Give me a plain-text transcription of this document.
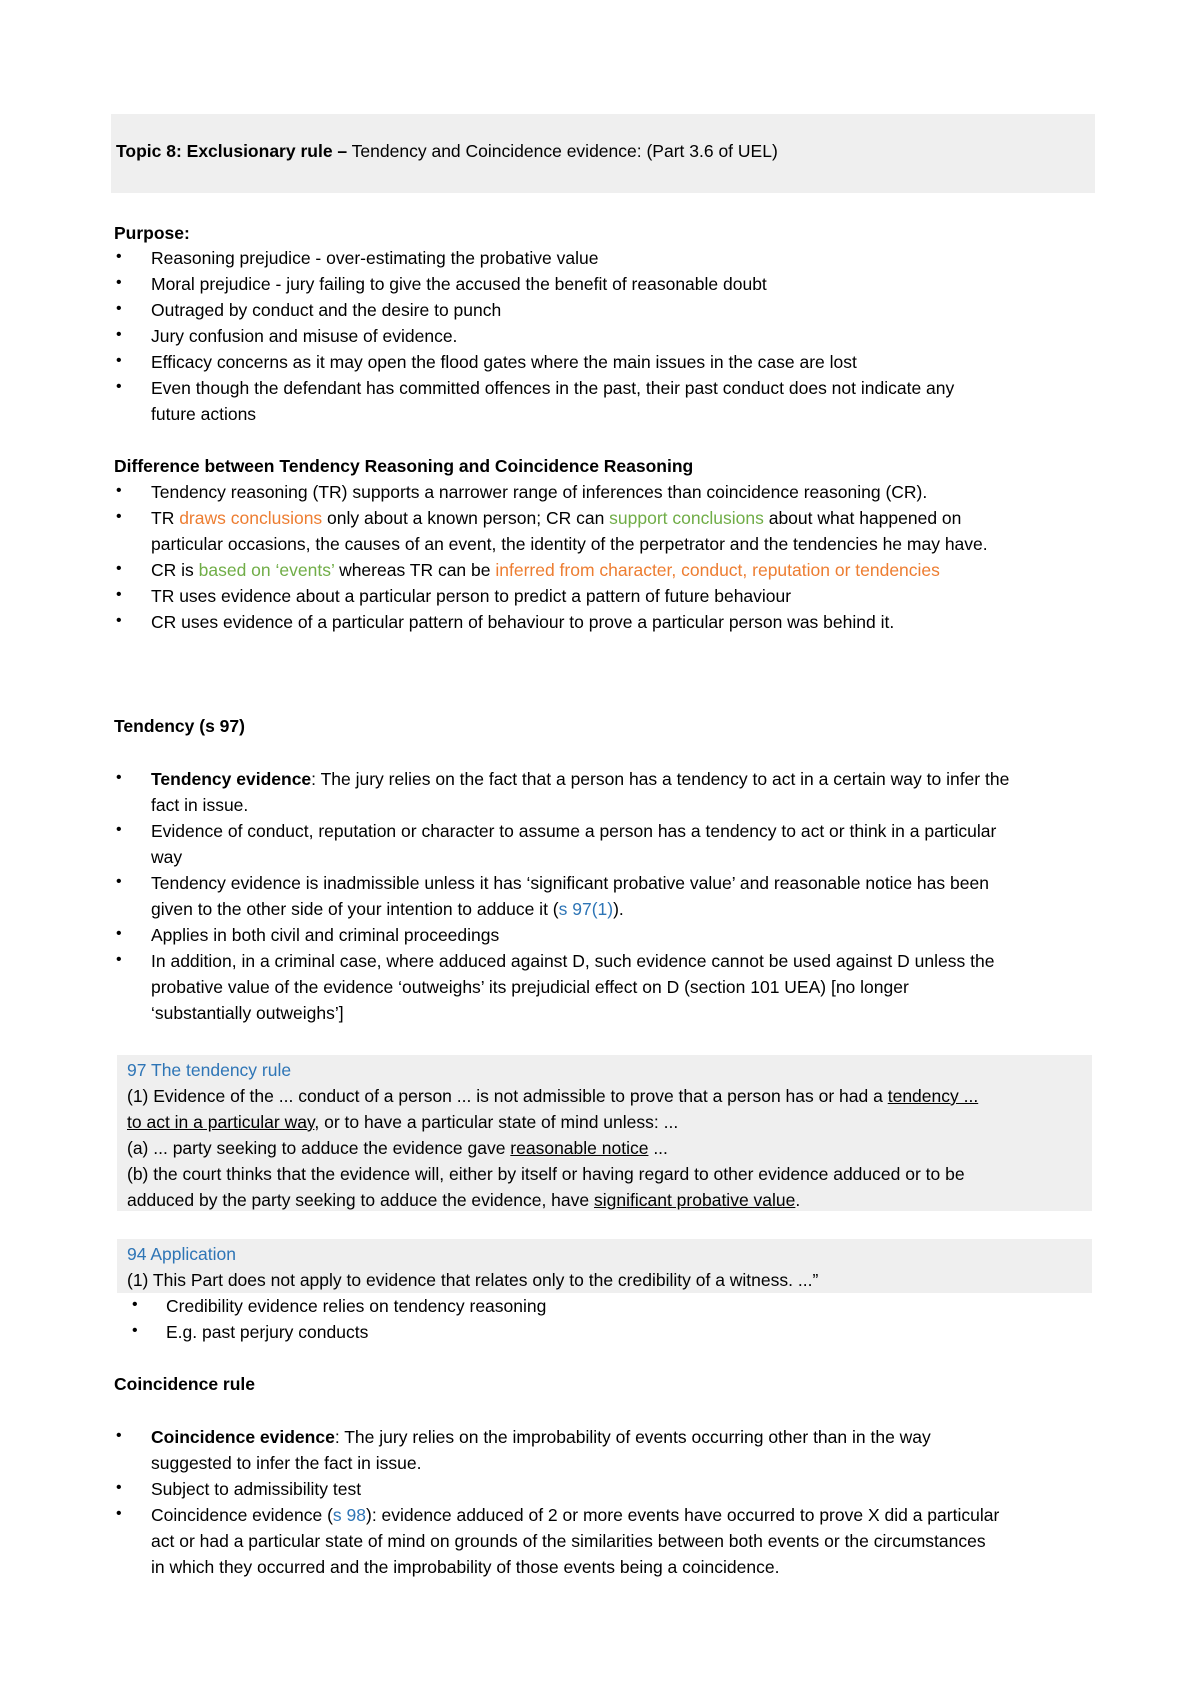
Topic 8: Exclusionary rule – Tendency and Coincidence evidence: (Part 3.6 of UEL)
Purpose:
• Reasoning prejudice - over-estimating the probative value
• Moral prejudice - jury failing to give the accused the benefit of reasonable doubt
• Outraged by conduct and the desire to punch
• Jury confusion and misuse of evidence.
• Efficacy concerns as it may open the flood gates where the main issues in the case are lost
• Even though the defendant has committed offences in the past, their past conduct does not indicate any
future actions
Difference between Tendency Reasoning and Coincidence Reasoning
• Tendency reasoning (TR) supports a narrower range of inferences than coincidence reasoning (CR).
• TR draws conclusions only about a known person; CR can support conclusions about what happened on
particular occasions, the causes of an event, the identity of the perpetrator and the tendencies he may have.
• CR is based on ‘events’ whereas TR can be inferred from character, conduct, reputation or tendencies
• TR uses evidence about a particular person to predict a pattern of future behaviour
• CR uses evidence of a particular pattern of behaviour to prove a particular person was behind it.
Tendency (s 97)
• Tendency evidence: The jury relies on the fact that a person has a tendency to act in a certain way to infer the
fact in issue.
• Evidence of conduct, reputation or character to assume a person has a tendency to act or think in a particular
way
• Tendency evidence is inadmissible unless it has ‘significant probative value’ and reasonable notice has been
given to the other side of your intention to adduce it (s 97(1)).
• Applies in both civil and criminal proceedings
• In addition, in a criminal case, where adduced against D, such evidence cannot be used against D unless the
probative value of the evidence ‘outweighs’ its prejudicial effect on D (section 101 UEA) [no longer
‘substantially outweighs’]
97 The tendency rule
(1) Evidence of the ... conduct of a person ... is not admissible to prove that a person has or had a tendency ...
to act in a particular way, or to have a particular state of mind unless: ...
(a) ... party seeking to adduce the evidence gave reasonable notice ...
(b) the court thinks that the evidence will, either by itself or having regard to other evidence adduced or to be
adduced by the party seeking to adduce the evidence, have significant probative value.
94 Application
(1) This Part does not apply to evidence that relates only to the credibility of a witness. ...”
• Credibility evidence relies on tendency reasoning
• E.g. past perjury conducts
Coincidence rule
• Coincidence evidence: The jury relies on the improbability of events occurring other than in the way
suggested to infer the fact in issue.
• Subject to admissibility test
• Coincidence evidence (s 98): evidence adduced of 2 or more events have occurred to prove X did a particular
act or had a particular state of mind on grounds of the similarities between both events or the circumstances
in which they occurred and the improbability of those events being a coincidence.
